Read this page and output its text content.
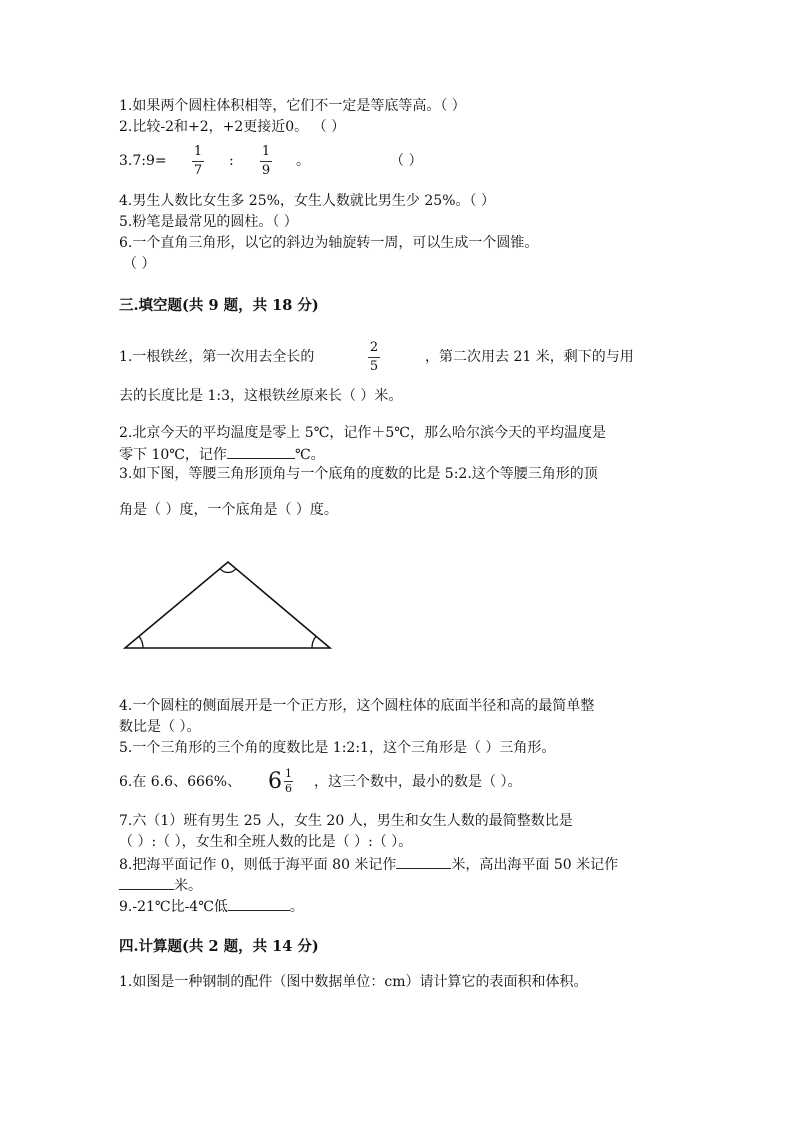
1.如果两个圆柱体积相等，它们不一定是等底等高。（ ）
2.比较-2和+2，+2更接近0。 （ ）
3.7:9=
1
7
:
1
9
。	（ ）
4.男生人数比女生多 25%，女生人数就比男生少 25%。（ ）
5.粉笔是最常见的圆柱。（ ）
6.一个直角三角形，以它的斜边为轴旋转一周，可以生成一个圆锥。
（ ）
三.填空题(共 9 题，共 18 分)
1.一根铁丝，第一次用去全长的
2
5
，第二次用去 21 米，剩下的与用
去的长度比是 1:3，这根铁丝原来长（ ）米。
2.北京今天的平均温度是零上 5℃，记作＋5℃，那么哈尔滨今天的平均温度是
零下 10℃，记作	℃。
3.如下图，等腰三角形顶角与一个底角的度数的比是 5:2.这个等腰三角形的顶
角是（ ）度，一个底角是（ ）度。
4.一个圆柱的侧面展开是一个正方形，这个圆柱体的底面半径和高的最简单整
数比是（ ）。
5.一个三角形的三个角的度数比是 1:2:1，这个三角形是（ ）三角形。
6.在 6.6、666%、 $6 \frac{1}{6}$ ，这三个数中，最小的数是（ ）。
7.六（1）班有男生 25 人，女生 20 人，男生和女生人数的最简整数比是
（ ）:（ ），女生和全班人数的比是（ ）:（ ）。
8.把海平面记作 0，则低于海平面 80 米记作	米，高出海平面 50 米记作
米。
9.-21℃比-4℃低	。
四.计算题(共 2 题，共 14 分)
1.如图是一种钢制的配件（图中数据单位：cm）请计算它的表面积和体积。
